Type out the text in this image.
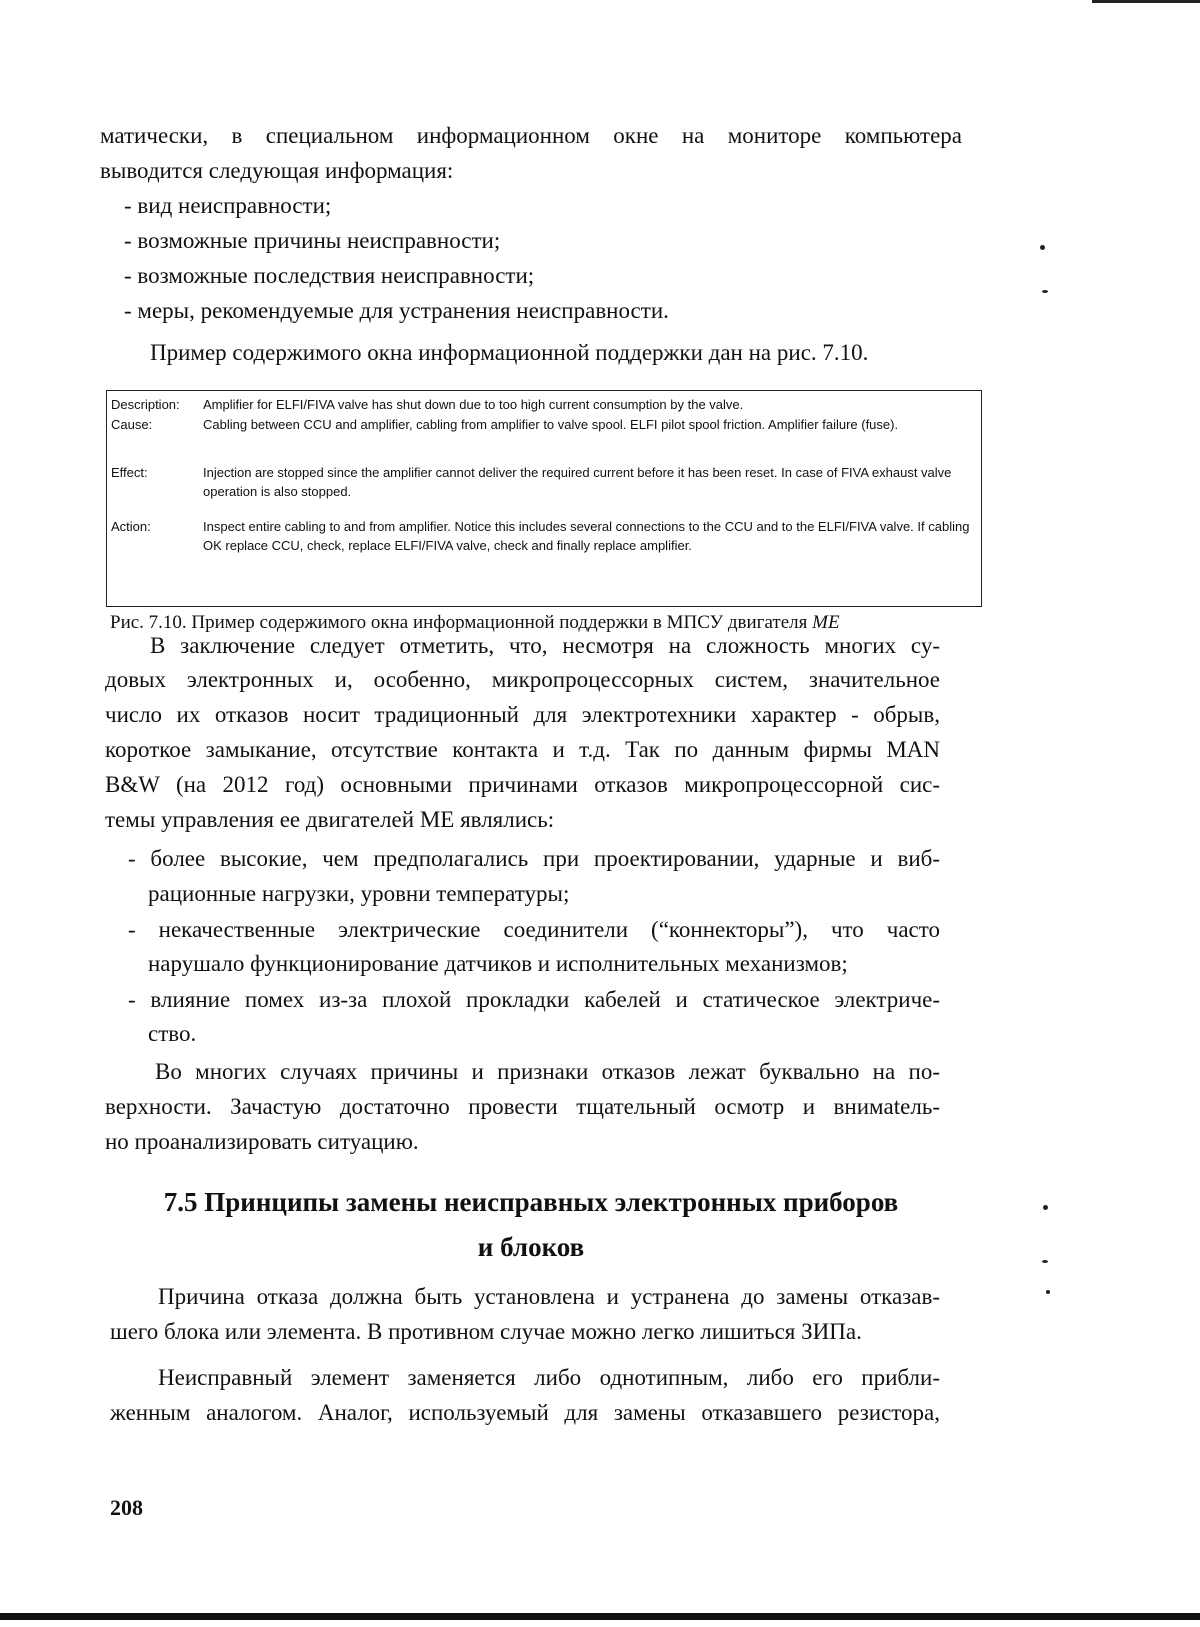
матически, в специальном информационном окне на мониторе компьютера
выводится следующая информация:
- вид неисправности;
- возможные причины неисправности;
- возможные последствия неисправности;
- меры, рекомендуемые для устранения неисправности.
Пример содержимого окна информационной поддержки дан на рис. 7.10.
Description:	Amplifier for ELFI/FIVA valve has shut down due to too high current consumption by the valve.
Cause:	Cabling between CCU and amplifier, cabling from amplifier to valve spool. ELFI pilot spool friction. Amplifier failure (fuse).
Effect:	Injection are stopped since the amplifier cannot deliver the required current before it has been reset. In case of FIVA exhaust valve operation is also stopped.
Action:	Inspect entire cabling to and from amplifier. Notice this includes several connections to the CCU and to the ELFI/FIVA valve. If cabling OK replace CCU, check, replace ELFI/FIVA valve, check and finally replace amplifier.
Рис. 7.10. Пример содержимого окна информационной поддержки в МПСУ двигателя ME
В заключение следует отметить, что, несмотря на сложность многих су-
довых электронных и, особенно, микропроцессорных систем, значительное
число их отказов носит традиционный для электротехники характер - обрыв,
короткое замыкание, отсутствие контакта и т.д. Так по данным фирмы MAN
B&W (на 2012 год) основными причинами отказов микропроцессорной сис-
темы управления ее двигателей ME являлись:
- более высокие, чем предполагались при проектировании, ударные и виб-
рационные нагрузки, уровни температуры;
- некачественные электрические соединители (“коннекторы”), что часто
нарушало функционирование датчиков и исполнительных механизмов;
- влияние помех из-за плохой прокладки кабелей и статическое электриче-
ство.
Во многих случаях причины и признаки отказов лежат буквально на по-
верхности. Зачастую достаточно провести тщательный осмотр и внимatель-
но проанализировать ситуацию.
7.5 Принципы замены неисправных электронных приборов
и блоков
Причина отказа должна быть установлена и устранена до замены отказав-
шего блока или элемента. В противном случае можно легко лишиться ЗИПа.
Неисправный элемент заменяется либо однотипным, либо его прибли-
женным аналогом. Аналог, используемый для замены отказавшего резистора,
208
